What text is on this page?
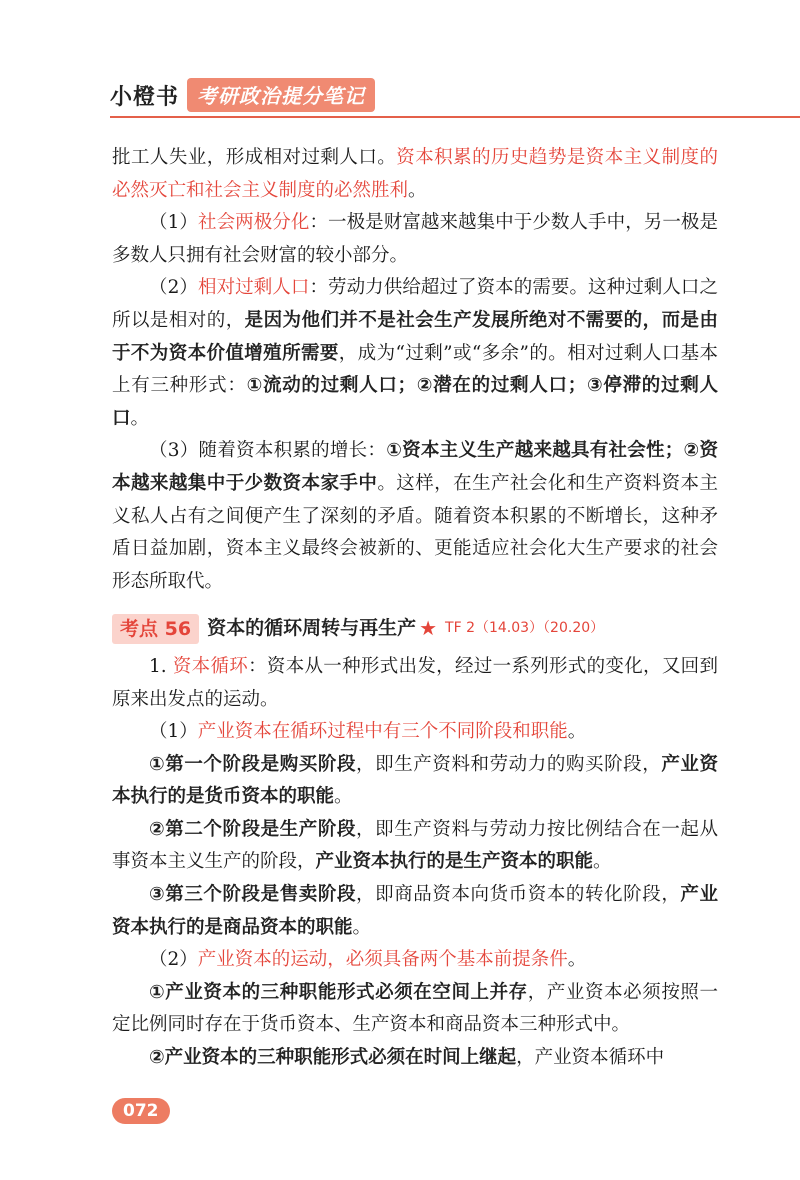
小橙书 考研政治提分笔记

批工人失业，形成相对过剩人口。资本积累的历史趋势是资本主义制度的必然灭亡和社会主义制度的必然胜利。

（1）社会两极分化：一极是财富越来越集中于少数人手中，另一极是多数人只拥有社会财富的较小部分。

（2）相对过剩人口：劳动力供给超过了资本的需要。这种过剩人口之所以是相对的，是因为他们并不是社会生产发展所绝对不需要的，而是由于不为资本价值增殖所需要，成为“过剩”或“多余”的。相对过剩人口基本上有三种形式：①流动的过剩人口；②潜在的过剩人口；③停滞的过剩人口。

（3）随着资本积累的增长：①资本主义生产越来越具有社会性；②资本越来越集中于少数资本家手中。这样，在生产社会化和生产资料资本主义私人占有之间便产生了深刻的矛盾。随着资本积累的不断增长，这种矛盾日益加剧，资本主义最终会被新的、更能适应社会化大生产要求的社会形态所取代。

考点 56 资本的循环周转与再生产 ★ TF 2（14.03）（20.20）

1. 资本循环：资本从一种形式出发，经过一系列形式的变化，又回到原来出发点的运动。

（1）产业资本在循环过程中有三个不同阶段和职能。

①第一个阶段是购买阶段，即生产资料和劳动力的购买阶段，产业资本执行的是货币资本的职能。

②第二个阶段是生产阶段，即生产资料与劳动力按比例结合在一起从事资本主义生产的阶段，产业资本执行的是生产资本的职能。

③第三个阶段是售卖阶段，即商品资本向货币资本的转化阶段，产业资本执行的是商品资本的职能。

（2）产业资本的运动，必须具备两个基本前提条件。

①产业资本的三种职能形式必须在空间上并存，产业资本必须按照一定比例同时存在于货币资本、生产资本和商品资本三种形式中。

②产业资本的三种职能形式必须在时间上继起，产业资本循环中

072
